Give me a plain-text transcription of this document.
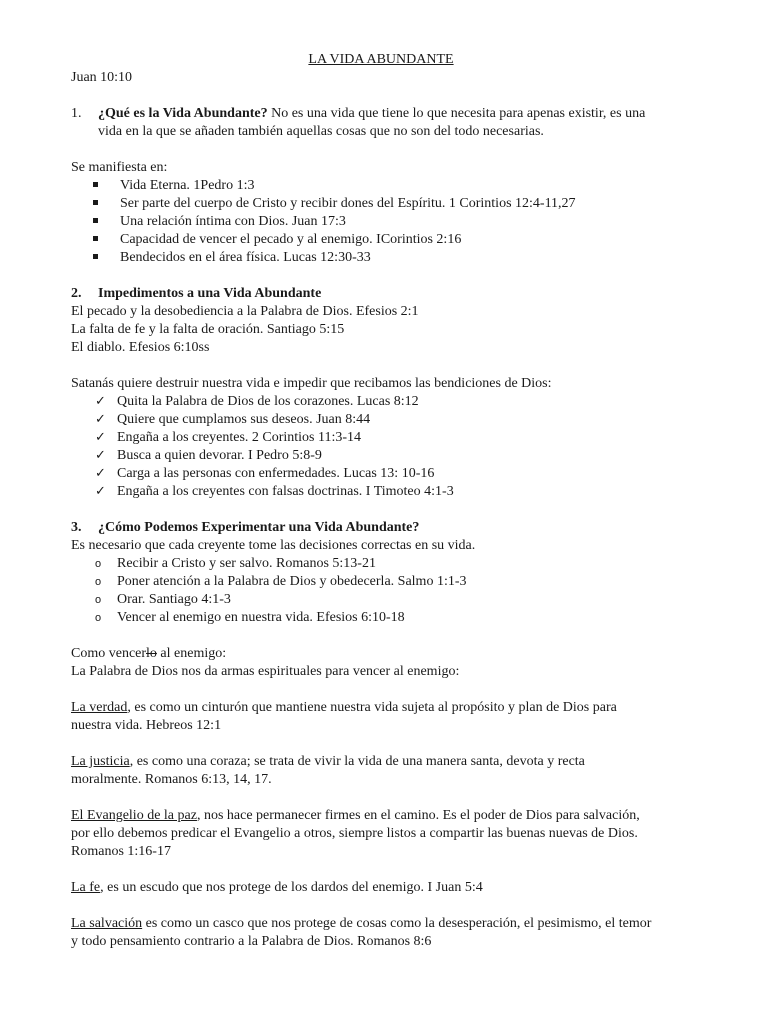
LA VIDA ABUNDANTE

Juan 10:10

1.	¿Qué es la Vida Abundante? No es una vida que tiene lo que necesita para apenas existir, es una

vida en la que se añaden también aquellas cosas que no son del todo necesarias.

Se manifiesta en:

Vida Eterna. 1Pedro 1:3
Ser parte del cuerpo de Cristo y recibir dones del Espíritu. 1 Corintios 12:4-11,27
Una relación íntima con Dios. Juan 17:3
Capacidad de vencer el pecado y al enemigo. ICorintios 2:16
Bendecidos en el área física. Lucas 12:30-33
2.	Impedimentos a una Vida Abundante

El pecado y la desobediencia a la Palabra de Dios. Efesios 2:1

La falta de fe y la falta de oración. Santiago 5:15

El diablo. Efesios 6:10ss

Satanás quiere destruir nuestra vida e impedir que recibamos las bendiciones de Dios:

✓ Quita la Palabra de Dios de los corazones. Lucas 8:12
✓ Quiere que cumplamos sus deseos. Juan 8:44
✓ Engaña a los creyentes. 2 Corintios 11:3-14
✓ Busca a quien devorar. I Pedro 5:8-9
✓ Carga a las personas con enfermedades. Lucas 13: 10-16
✓ Engaña a los creyentes con falsas doctrinas. I Timoteo 4:1-3
3.	¿Cómo Podemos Experimentar una Vida Abundante?

Es necesario que cada creyente tome las decisiones correctas en su vida.

o	Recibir a Cristo y ser salvo. Romanos 5:13-21
o	Poner atención a la Palabra de Dios y obedecerla. Salmo 1:1-3
o	Orar. Santiago 4:1-3
o	Vencer al enemigo en nuestra vida. Efesios 6:10-18

Como vencerlo al enemigo:

La Palabra de Dios nos da armas espirituales para vencer al enemigo:

La verdad, es como un cinturón que mantiene nuestra vida sujeta al propósito y plan de Dios para

nuestra vida. Hebreos 12:1

La justicia, es como una coraza; se trata de vivir la vida de una manera santa, devota y recta

moralmente. Romanos 6:13, 14, 17.

El Evangelio de la paz, nos hace permanecer firmes en el camino. Es el poder de Dios para salvación,

por ello debemos predicar el Evangelio a otros, siempre listos a compartir las buenas nuevas de Dios.

Romanos 1:16-17

La fe, es un escudo que nos protege de los dardos del enemigo. I Juan 5:4

La salvación es como un casco que nos protege de cosas como la desesperación, el pesimismo, el temor

y todo pensamiento contrario a la Palabra de Dios. Romanos 8:6
